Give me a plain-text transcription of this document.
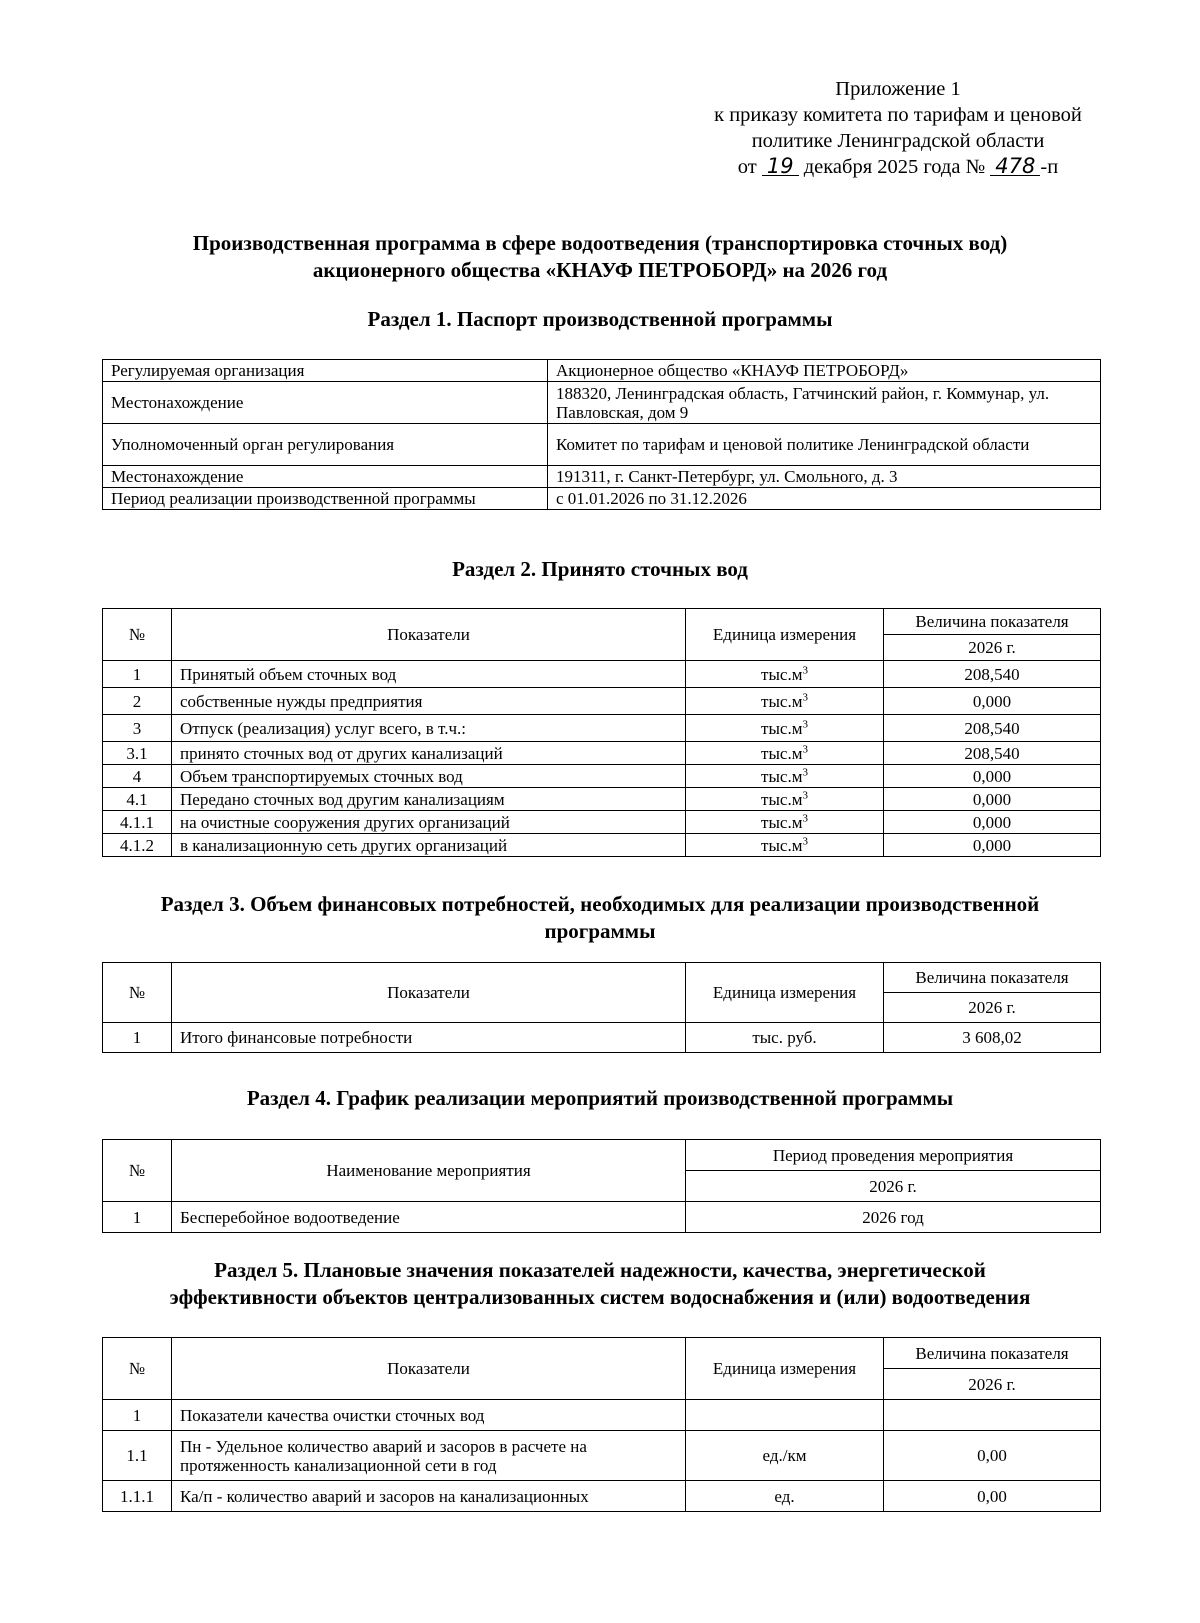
Приложение 1
к приказу комитета по тарифам и ценовой
политике Ленинградской области
от 19 декабря 2025 года № 478 -п
Производственная программа в сфере водоотведения (транспортировка сточных вод)
акционерного общества «КНАУФ ПЕТРОБОРД» на 2026 год
Раздел 1. Паспорт производственной программы
Регулируемая организация	Акционерное общество «КНАУФ ПЕТРОБОРД»
Местонахождение	188320, Ленинградская область, Гатчинский район, г. Коммунар, ул. Павловская, дом 9
Уполномоченный орган регулирования	Комитет по тарифам и ценовой политике Ленинградской области
Местонахождение	191311, г. Санкт-Петербург, ул. Смольного, д. 3
Период реализации производственной программы	с 01.01.2026 по 31.12.2026
Раздел 2. Принято сточных вод
№	Показатели	Единица измерения	Величина показателя
			2026 г.
1	Принятый объем сточных вод	$тыс.м^3$	208,540
2	собственные нужды предприятия	$тыс.м^3$	0,000
3	Отпуск (реализация) услуг всего, в т.ч.:	$тыс.м^3$	208,540
3.1	принято сточных вод от других канализаций	$тыс.м^3$	208,540
4	Объем транспортируемых сточных вод	$тыс.м^3$	0,000
4.1	Передано сточных вод другим канализациям	$тыс.м^3$	0,000
4.1.1	на очистные сооружения других организаций	$тыс.м^3$	0,000
4.1.2	в канализационную сеть других организаций	$тыс.м^3$	0,000
Раздел 3. Объем финансовых потребностей, необходимых для реализации производственной
программы
№	Показатели	Единица измерения	Величина показателя
			2026 г.
1	Итого финансовые потребности	тыс. руб.	3 608,02
Раздел 4. График реализации мероприятий производственной программы
№	Наименование мероприятия	Период проведения мероприятия
		2026 г.
1	Бесперебойное водоотведение	2026 год
Раздел 5. Плановые значения показателей надежности, качества, энергетической
эффективности объектов централизованных систем водоснабжения и (или) водоотведения
№	Показатели	Единица измерения	Величина показателя
			2026 г.
1	Показатели качества очистки сточных вод		
1.1	Пн - Удельное количество аварий и засоров в расчете на протяженность канализационной сети в год	ед./км	0,00
1.1.1	Ка/п - количество аварий и засоров на канализационных	ед.	0,00
